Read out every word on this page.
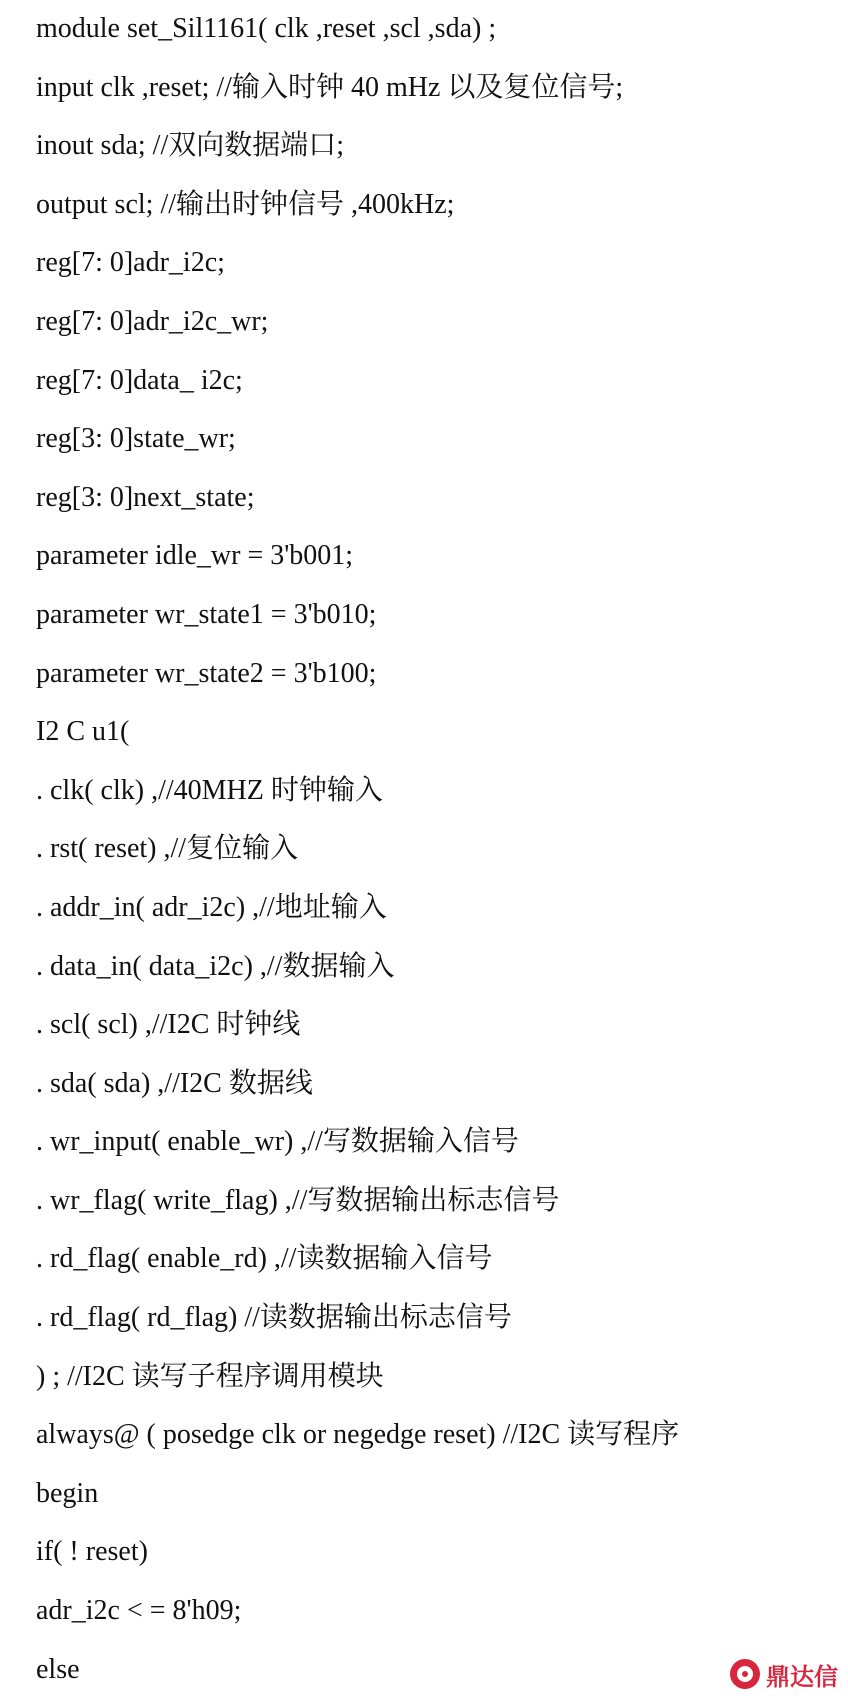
module set_Sil1161( clk ,reset ,scl ,sda) ;
input clk ,reset; //输入时钟 40 mHz 以及复位信号;
inout sda; //双向数据端口;
output scl; //输出时钟信号 ,400kHz;
reg[7: 0]adr_i2c;
reg[7: 0]adr_i2c_wr;
reg[7: 0]data_ i2c;
reg[3: 0]state_wr;
reg[3: 0]next_state;
parameter idle_wr = 3'b001;
parameter wr_state1 = 3'b010;
parameter wr_state2 = 3'b100;
I2 C u1(
. clk( clk) ,//40MHZ 时钟输入
. rst( reset) ,//复位输入
. addr_in( adr_i2c) ,//地址输入
. data_in( data_i2c) ,//数据输入
. scl( scl) ,//I2C 时钟线
. sda( sda) ,//I2C 数据线
. wr_input( enable_wr) ,//写数据输入信号
. wr_flag( write_flag) ,//写数据输出标志信号
. rd_flag( enable_rd) ,//读数据输入信号
. rd_flag( rd_flag) //读数据输出标志信号
) ; //I2C 读写子程序调用模块
always@ ( posedge clk or negedge reset) //I2C 读写程序
begin
if( ! reset)
adr_i2c < = 8'h09;
else	鼎达信
